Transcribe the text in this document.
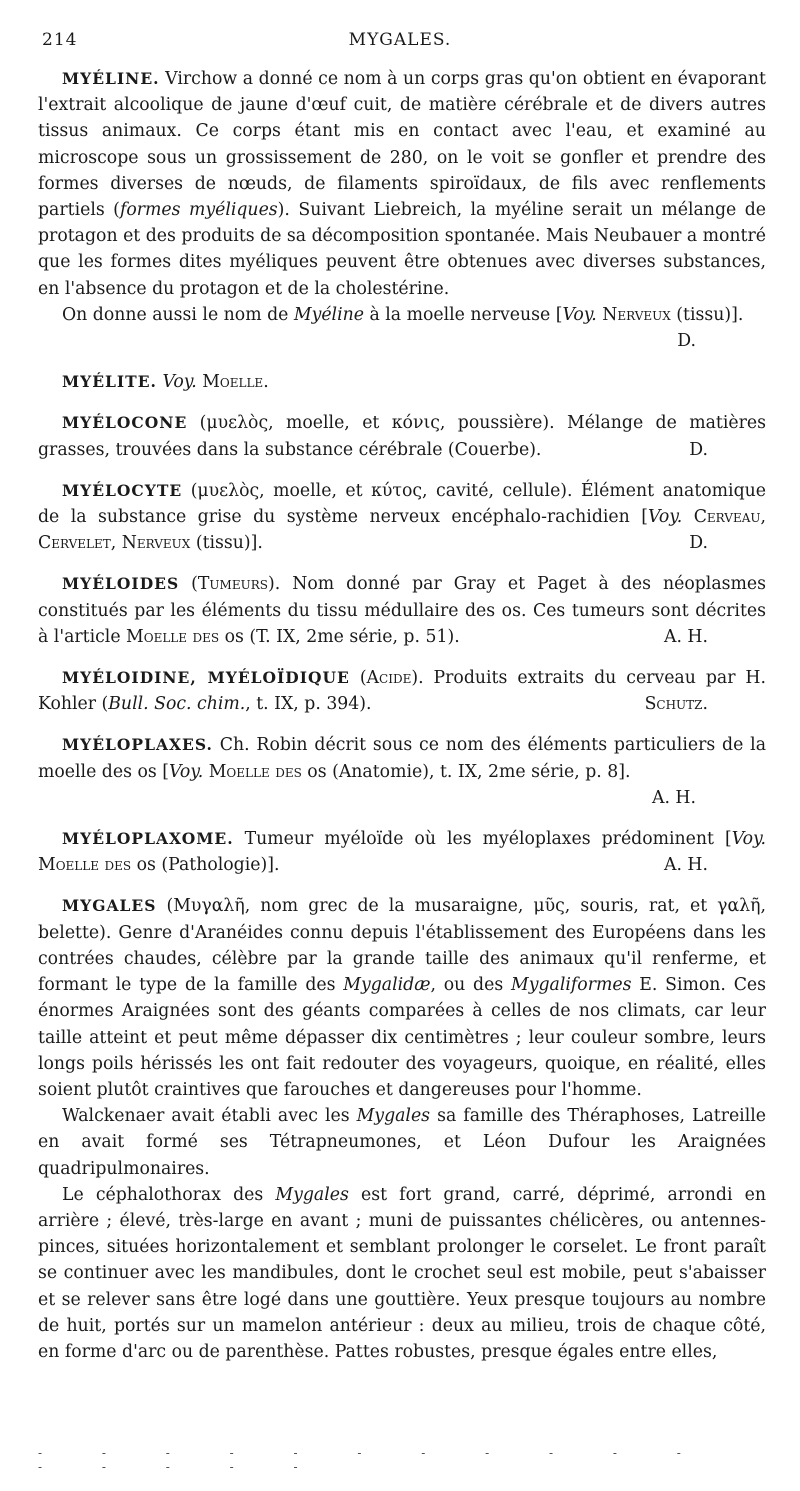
214	MYGALES.

MYÉLINE. Virchow a donné ce nom à un corps gras qu'on obtient en évaporant l'extrait alcoolique de jaune d'œuf cuit, de matière cérébrale et de divers autres tissus animaux. Ce corps étant mis en contact avec l'eau, et examiné au microscope sous un grossissement de 280, on le voit se gonfler et prendre des formes diverses de nœuds, de filaments spiroïdaux, de fils avec renflements partiels (formes myéliques). Suivant Liebreich, la myéline serait un mélange de protagon et des produits de sa décomposition spontanée. Mais Neubauer a montré que les formes dites myéliques peuvent être obtenues avec diverses substances, en l'absence du protagon et de la cholestérine.

On donne aussi le nom de Myéline à la moelle nerveuse [Voy. Nerveux (tissu)].
D.

MYÉLITE. Voy. Moelle.

MYÉLOCONE (μυελὸς, moelle, et κόνις, poussière). Mélange de matières grasses, trouvées dans la substance cérébrale (Couerbe).	D.

MYÉLOCYTE (μυελὸς, moelle, et κύτος, cavité, cellule). Élément anatomique de la substance grise du système nerveux encéphalo-rachidien [Voy. Cerveau, Cervelet, Nerveux (tissu)].	D.

MYÉLOIDES (Tumeurs). Nom donné par Gray et Paget à des néoplasmes constitués par les éléments du tissu médullaire des os. Ces tumeurs sont décrites à l'article Moelle des os (T. IX, 2me série, p. 51).	A. H.

MYÉLOIDINE, MYÉLOÏDIQUE (Acide). Produits extraits du cerveau par H. Kohler (Bull. Soc. chim., t. IX, p. 394).	Schutz.

MYÉLOPLAXES. Ch. Robin décrit sous ce nom des éléments particuliers de la moelle des os [Voy. Moelle des os (Anatomie), t. IX, 2me série, p. 8].
A. H.

MYÉLOPLAXOME. Tumeur myéloïde où les myéloplaxes prédominent [Voy. Moelle des os (Pathologie)].	A. H.

MYGALES (Μυγαλῆ, nom grec de la musaraigne, μῦς, souris, rat, et γαλῆ, belette). Genre d'Aranéides connu depuis l'établissement des Européens dans les contrées chaudes, célèbre par la grande taille des animaux qu'il renferme, et formant le type de la famille des Mygalidæ, ou des Mygaliformes E. Simon. Ces énormes Araignées sont des géants comparées à celles de nos climats, car leur taille atteint et peut même dépasser dix centimètres ; leur couleur sombre, leurs longs poils hérissés les ont fait redouter des voyageurs, quoique, en réalité, elles soient plutôt craintives que farouches et dangereuses pour l'homme.

Walckenaer avait établi avec les Mygales sa famille des Théraphoses, Latreille en avait formé ses Tétrapneumones, et Léon Dufour les Araignées quadripulmonaires.

Le céphalothorax des Mygales est fort grand, carré, déprimé, arrondi en arrière ; élevé, très-large en avant ; muni de puissantes chélicères, ou antennes-pinces, situées horizontalement et semblant prolonger le corselet. Le front paraît se continuer avec les mandibules, dont le crochet seul est mobile, peut s'abaisser et se relever sans être logé dans une gouttière. Yeux presque toujours au nombre de huit, portés sur un mamelon antérieur : deux au milieu, trois de chaque côté, en forme d'arc ou de parenthèse. Pattes robustes, presque égales entre elles,

- - - - - - - - - - - - - - - -
